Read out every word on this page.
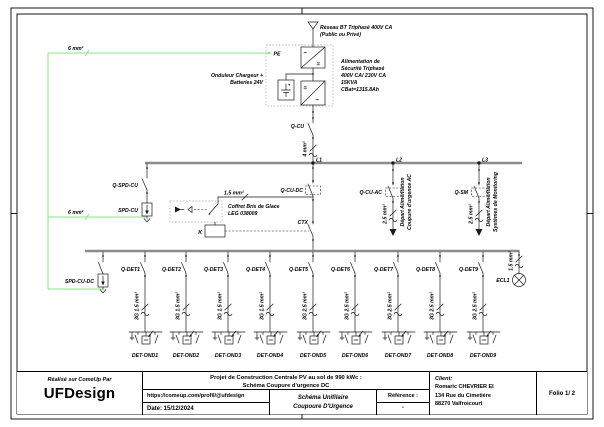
6 mm²
6 mm²
PE
Réseau BT Triphasé 400V CA
(Public ou Privé)
~
=
+
=
~
Onduleur Chargeur +
Batteries 24V
Alimentation de
Sécurité Triphasé
400V CA/ 230V CA
15KVA
CBat=1315.8Ah
Q-CU
4 mm²
L1	L2	L3
Q-SPD-CU
SPD-CU
1.5 mm²
Coffret Bris de Glace
LEG 038009
K
Q-CU-DC
CTX
Q-CU-AC
2.5 mm² Départ Alimentation Coupure d'urgence AC	Q-SM
2.5 mm² Départ Alimentation Systèmes de Monitoring
SPD-CU-DC
Q-DET1
3G 1.5 mm²
DET-OND1
Q-DET2
3G 1.5 mm²
DET-OND2
Q-DET3
3G 1.5 mm²
DET-OND3
Q-DET4
3G 1.5 mm²
DET-OND4
Q-DET5
3G 2.5 mm²
DET-OND5
Q-DET6
3G 2.5 mm²
DET-OND6
Q-DET7
3G 2.5 mm²
DET-OND7
Q-DET8
3G 2.5 mm²
DET-OND8
Q-DET9
3G 2.5 mm²
DET-OND9
1.5 mm²
ECL1
Réalisé sur ComeUp Par
UFDesign
Projet de Construction Centrale PV au sol de 990 kWc :
Schéma Coupure d'urgence DC
https://comeup.com/profil/@ufdesign
Date: 15/12/2024
Schéma Unifilaire
Coupoure D'Urgence
Référence :
-
Client:
Romaric CHEVRIER EI
134 Rue du Cimetière
88270 Valfroicourt
Folio 1/ 2
